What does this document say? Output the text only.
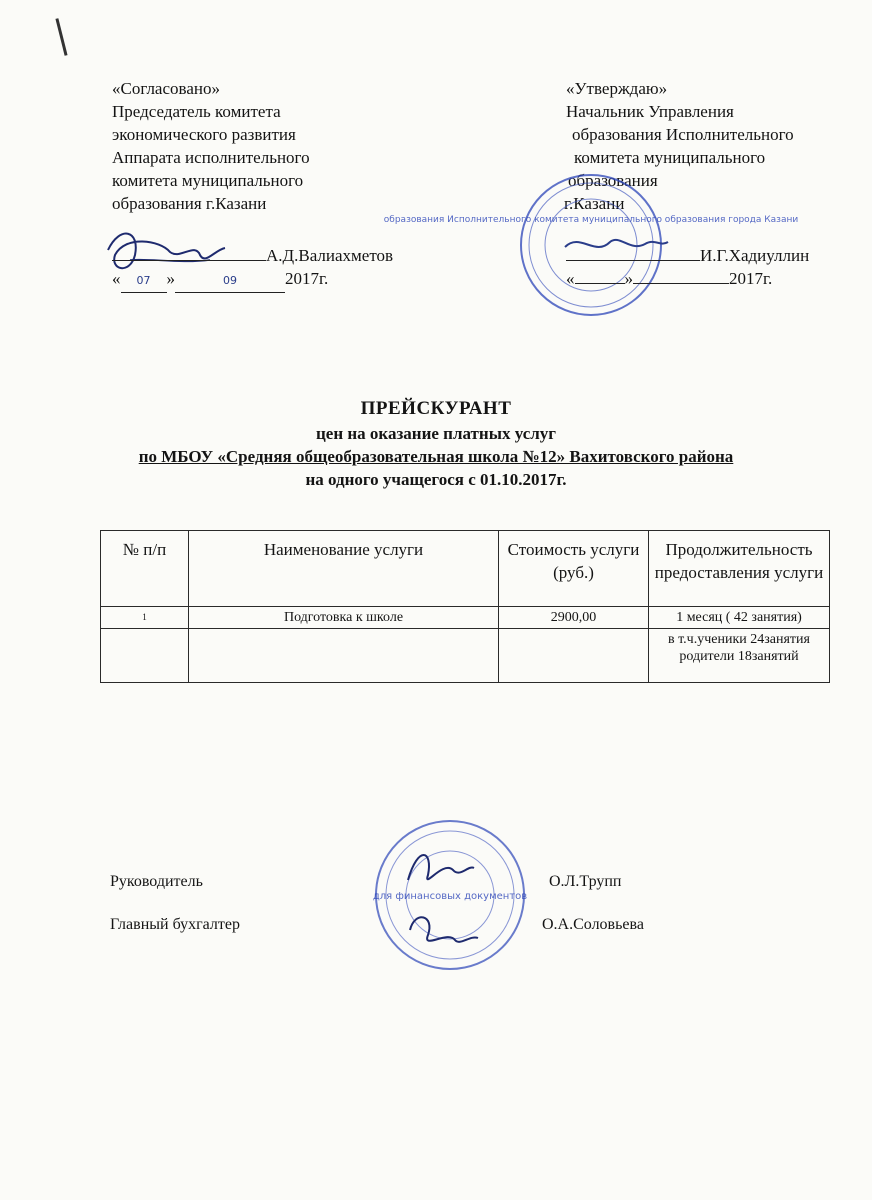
«Согласовано»
Председатель комитета
экономического развития
Аппарата исполнительного
комитета муниципального
образования г.Казани
А.Д.Валиахметов
« 07 »	09	2017г.
«Утверждаю»
Начальник Управления
образования Исполнительного
комитета муниципального
образования
г.Казани
образования Исполнительного комитета муниципального образования города Казани
И.Г.Хадиуллин
«	»	2017г.
ПРЕЙСКУРАНТ
цен на оказание платных услуг
по МБОУ «Средняя общеобразовательная школа №12» Вахитовского района
на одного учащегося с 01.10.2017г.
№ п/п	Наименование услуги	Стоимость услуги (руб.)	Продолжительность предоставления услуги
1	Подготовка к школе	2900,00	1 месяц ( 42 занятия)
			в т.ч.ученики 24занятия родители 18занятий
для финансовых документов
Руководитель	О.Л.Трупп
Главный бухгалтер	О.А.Соловьева
